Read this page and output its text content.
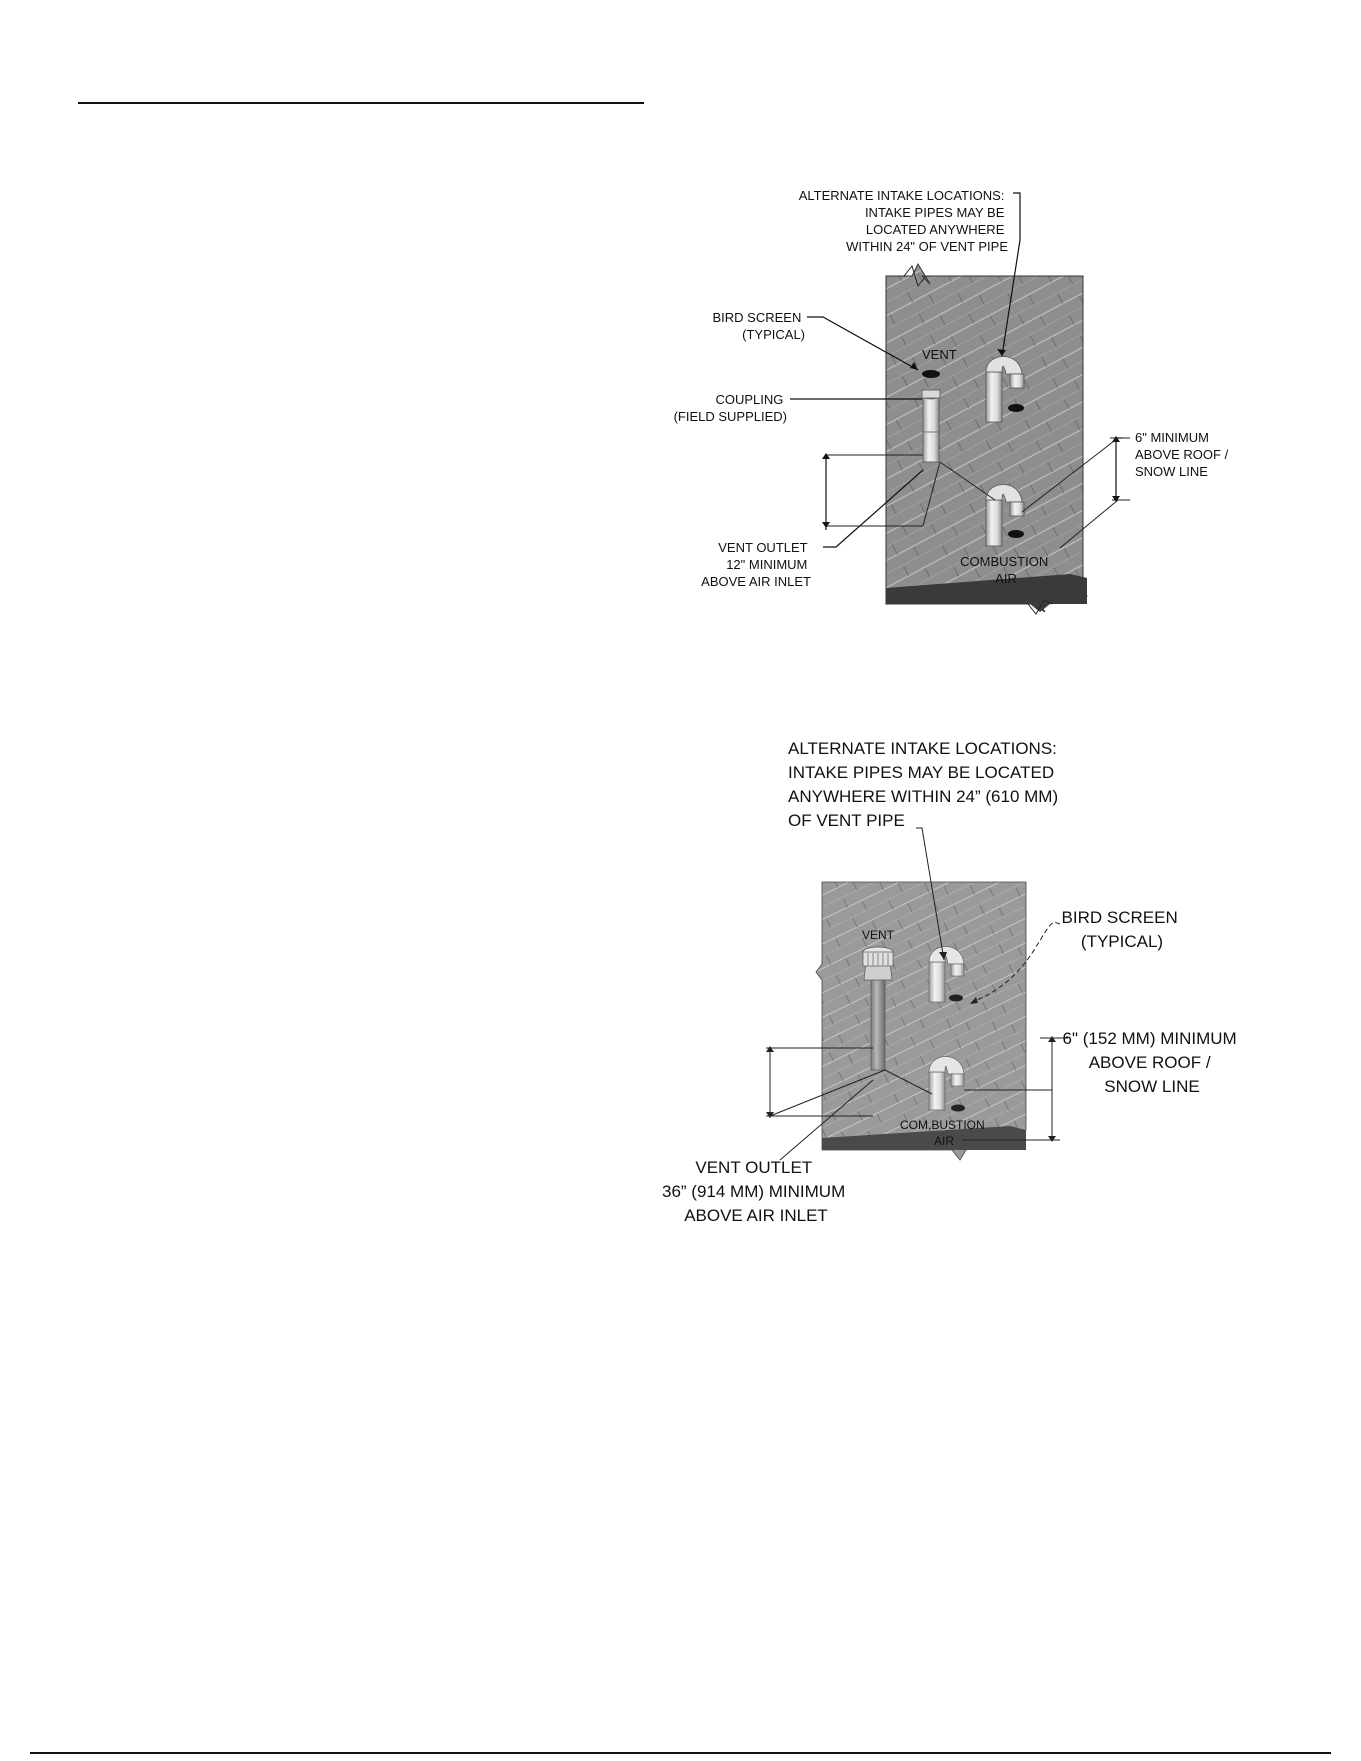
ALTERNATE INTAKE LOCATIONS: INTAKE PIPES MAY BE LOCATED ANYWHERE WITHIN 24" OF VENT PIPE
BIRD SCREEN (TYPICAL)
VENT
COUPLING (FIELD SUPPLIED)
6" MINIMUM ABOVE ROOF / SNOW LINE
VENT OUTLET 12" MINIMUM ABOVE AIR INLET
COMBUSTION AIR
ALTERNATE INTAKE LOCATIONS: INTAKE PIPES MAY BE LOCATED ANYWHERE WITHIN 24” (610 MM) OF VENT PIPE
VENT
BIRD SCREEN (TYPICAL)
6" (152 MM) MINIMUM ABOVE ROOF / SNOW LINE
COM,BUSTION AIR
VENT OUTLET 36” (914 MM) MINIMUM ABOVE AIR INLET
